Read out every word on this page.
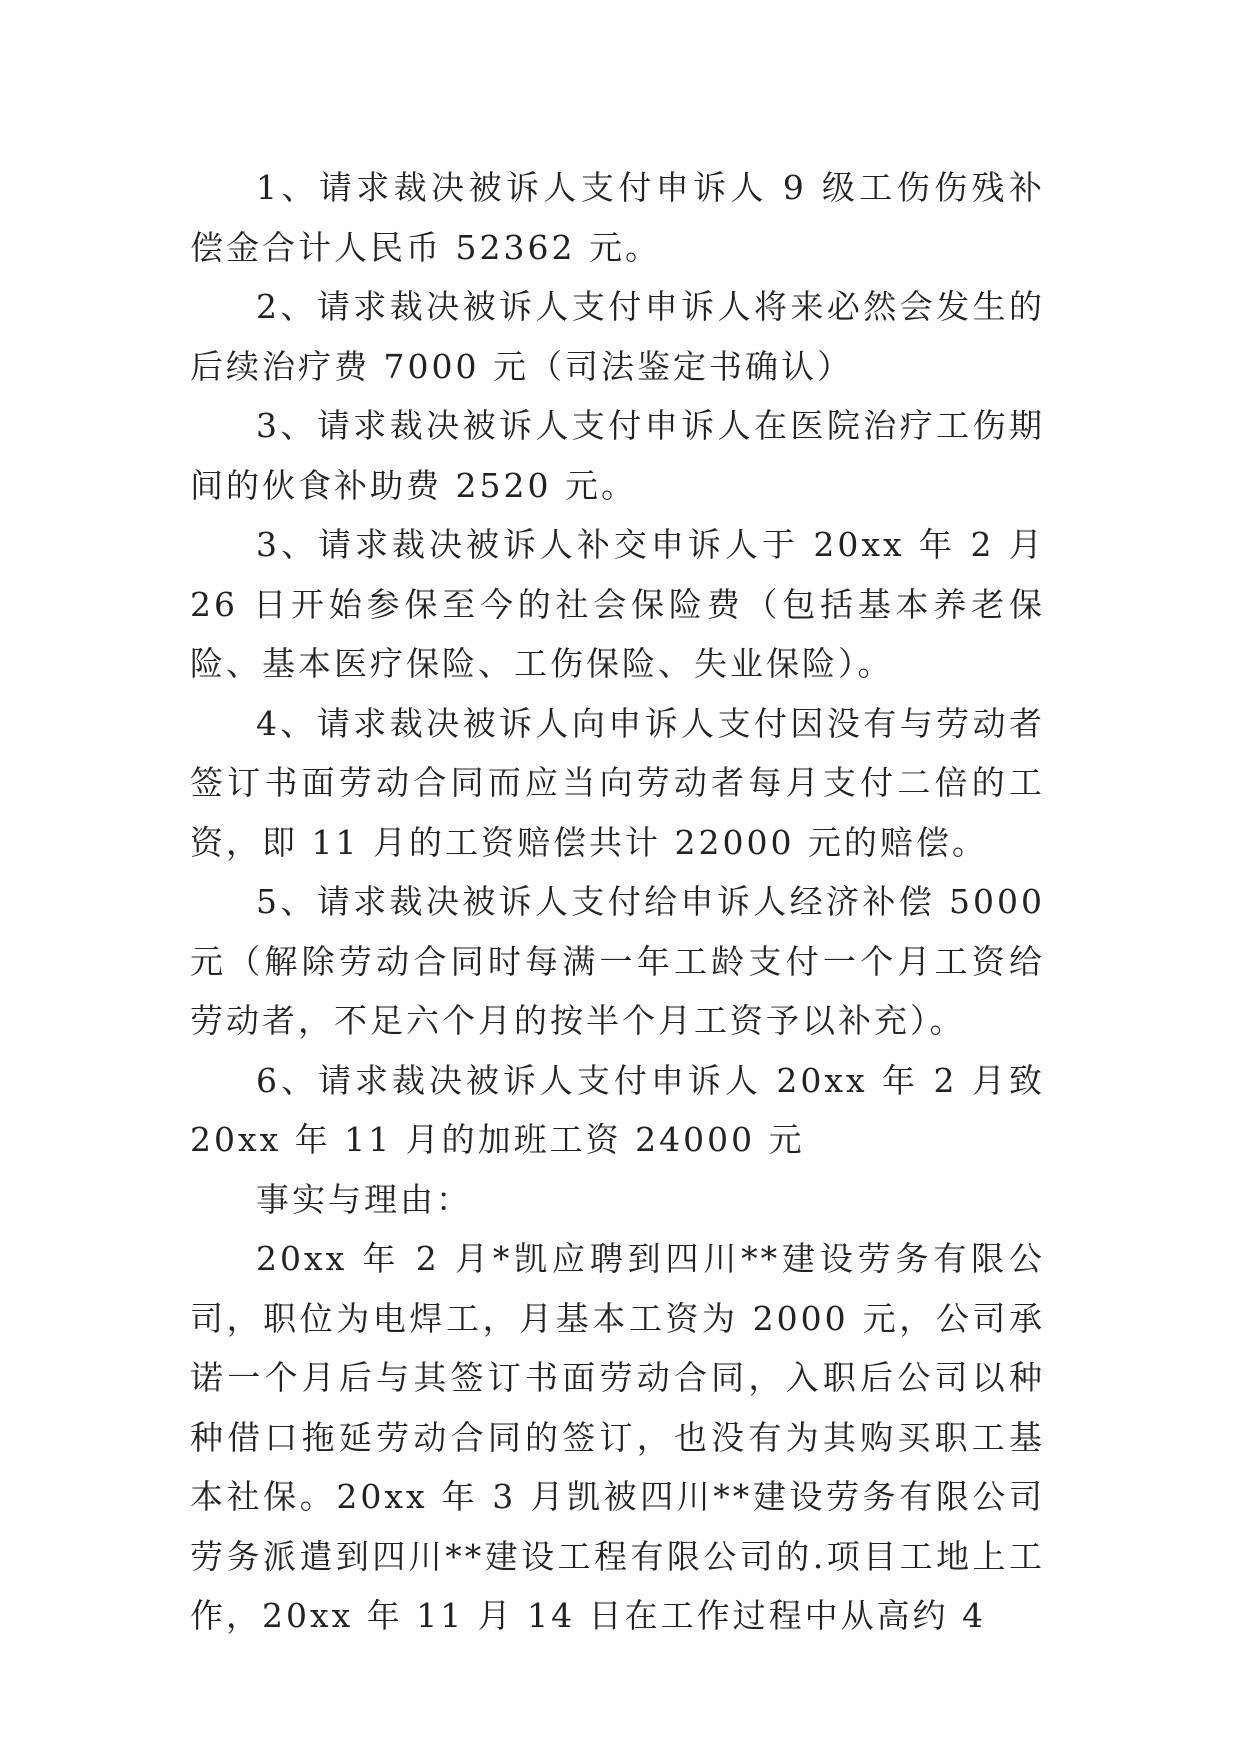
1、请求裁决被诉人支付申诉人 9 级工伤伤残补偿金合计人民币 52362 元。

2、请求裁决被诉人支付申诉人将来必然会发生的后续治疗费 7000 元（司法鉴定书确认）

3、请求裁决被诉人支付申诉人在医院治疗工伤期间的伙食补助费 2520 元。

3、请求裁决被诉人补交申诉人于 20xx 年 2 月 26 日开始参保至今的社会保险费（包括基本养老保险、基本医疗保险、工伤保险、失业保险）。

4、请求裁决被诉人向申诉人支付因没有与劳动者签订书面劳动合同而应当向劳动者每月支付二倍的工资，即 11 月的工资赔偿共计 22000 元的赔偿。

5、请求裁决被诉人支付给申诉人经济补偿 5000 元（解除劳动合同时每满一年工龄支付一个月工资给劳动者，不足六个月的按半个月工资予以补充）。

6、请求裁决被诉人支付申诉人 20xx 年 2 月致 20xx 年 11 月的加班工资 24000 元

事实与理由：

20xx 年 2 月*凯应聘到四川**建设劳务有限公司，职位为电焊工，月基本工资为 2000 元，公司承诺一个月后与其签订书面劳动合同，入职后公司以种种借口拖延劳动合同的签订，也没有为其购买职工基本社保。20xx 年 3 月凯被四川**建设劳务有限公司劳务派遣到四川**建设工程有限公司的.项目工地上工作，20xx 年 11 月 14 日在工作过程中从高约 4
